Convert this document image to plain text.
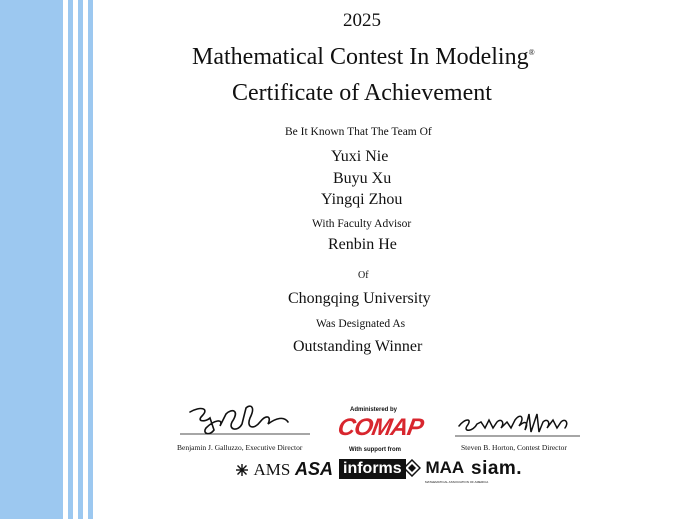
2025
Mathematical Contest In Modeling®
Certificate of Achievement
Be It Known That The Team Of
Yuxi Nie
Buyu Xu
Yingqi Zhou
With Faculty Advisor
Renbin He
Of
Chongqing University
Was Designated As
Outstanding Winner
Benjamin J. Galluzzo, Executive Director	Steven B. Horton, Contest Director
Administered by
COMAP
With support from
AMS ASA informs	MAA
MATHEMATICAL ASSOCIATION OF AMERICA
siam.
